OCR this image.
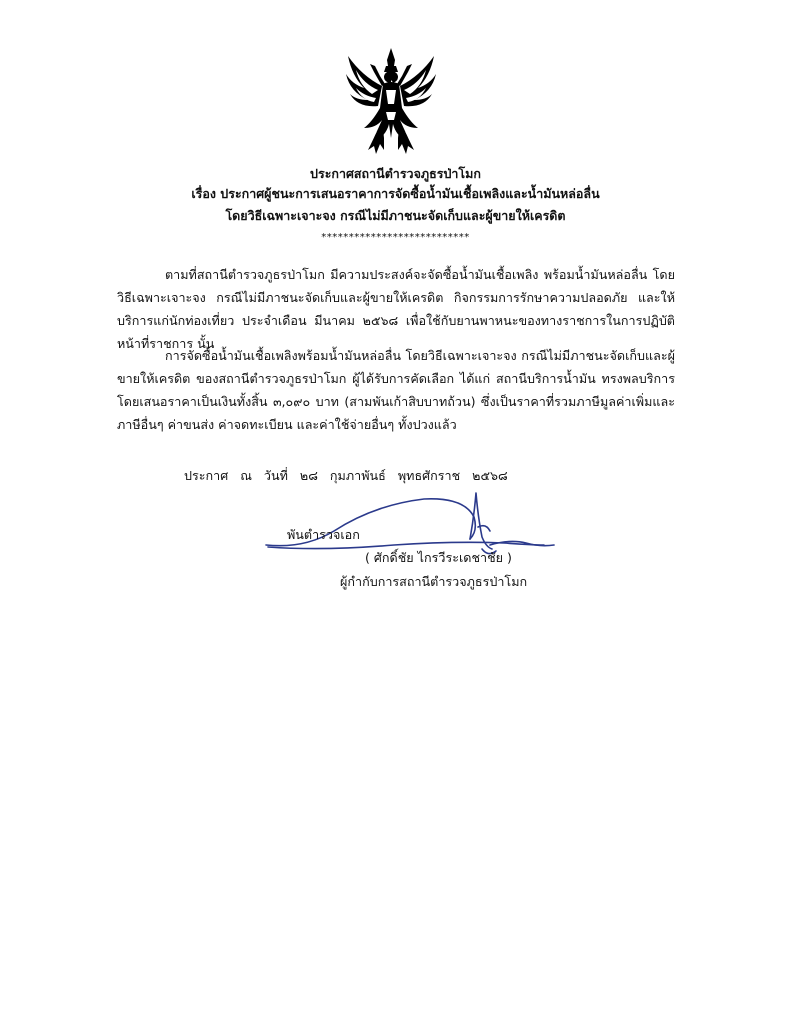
ประกาศสถานีตำรวจภูธรป่าโมก
เรื่อง ประกาศผู้ชนะการเสนอราคาการจัดซื้อน้ำมันเชื้อเพลิงและน้ำมันหล่อลื่น
โดยวิธีเฉพาะเจาะจง กรณีไม่มีภาชนะจัดเก็บและผู้ขายให้เครดิต
***************************
ตามที่สถานีตำรวจภูธรป่าโมก มีความประสงค์จะจัดซื้อน้ำมันเชื้อเพลิง พร้อมน้ำมันหล่อลื่น โดยวิธีเฉพาะเจาะจง กรณีไม่มีภาชนะจัดเก็บและผู้ขายให้เครดิต กิจกรรมการรักษาความปลอดภัย และให้บริการแก่นักท่องเที่ยว ประจำเดือน มีนาคม ๒๕๖๘ เพื่อใช้กับยานพาหนะของทางราชการในการปฏิบัติหน้าที่ราชการ นั้น
การจัดซื้อน้ำมันเชื้อเพลิงพร้อมน้ำมันหล่อลื่น โดยวิธีเฉพาะเจาะจง กรณีไม่มีภาชนะจัดเก็บและผู้ขายให้เครดิต ของสถานีตำรวจภูธรป่าโมก ผู้ได้รับการคัดเลือก ได้แก่ สถานีบริการน้ำมัน ทรงพลบริการ โดยเสนอราคาเป็นเงินทั้งสิ้น ๓,๐๙๐ บาท (สามพันเก้าสิบบาทถ้วน) ซึ่งเป็นราคาที่รวมภาษีมูลค่าเพิ่มและภาษีอื่นๆ ค่าขนส่ง ค่าจดทะเบียน และค่าใช้จ่ายอื่นๆ ทั้งปวงแล้ว
ประกาศ   ณ   วันที่   ๒๘   กุมภาพันธ์   พุทธศักราช   ๒๕๖๘
พันตำรวจเอก
( ศักดิ์ชัย ไกรวีระเดชาชัย )
ผู้กำกับการสถานีตำรวจภูธรป่าโมก
